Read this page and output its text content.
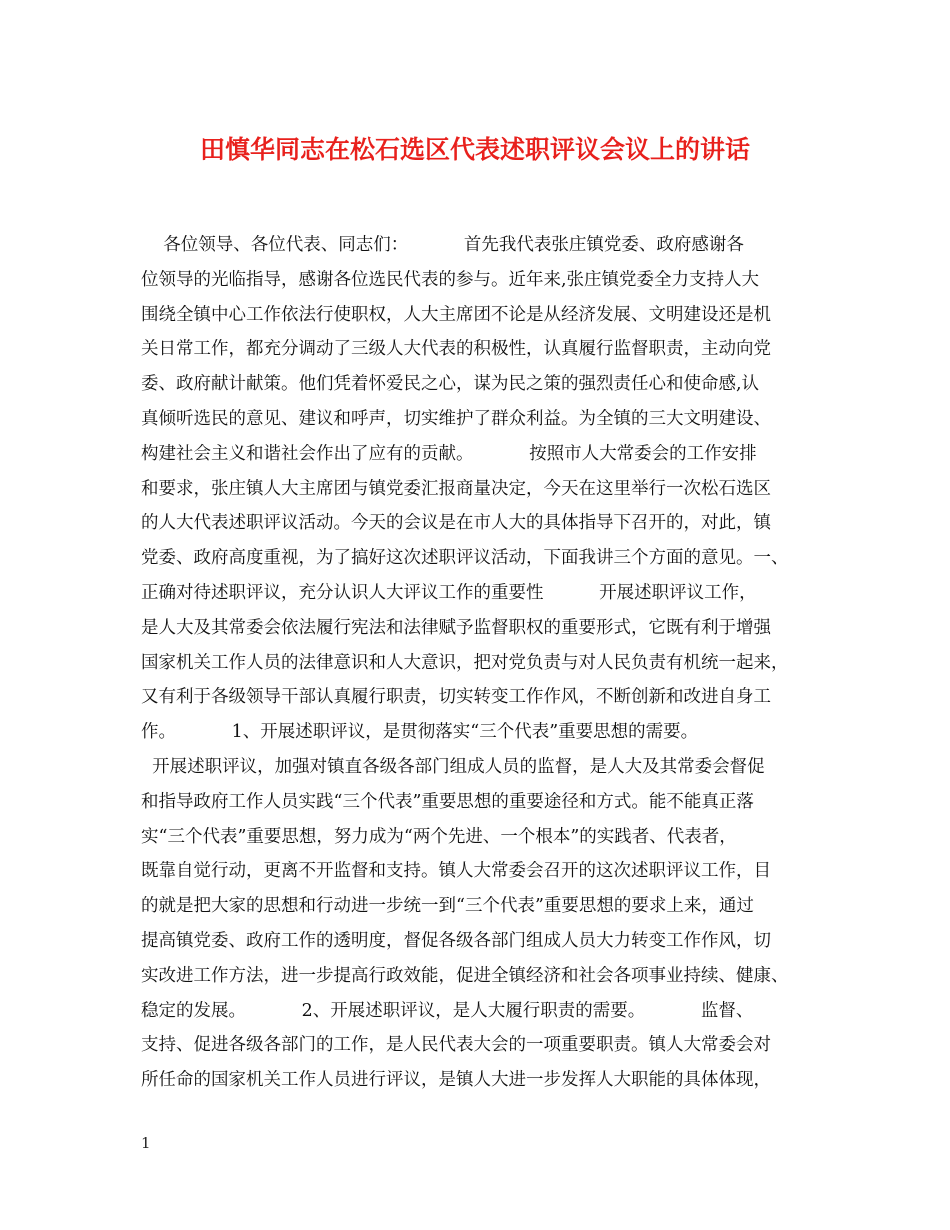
田慎华同志在松石选区代表述职评议会议上的讲话
各位领导、各位代表、同志们：          首先我代表张庄镇党委、政府感谢各
位领导的光临指导，感谢各位选民代表的参与。近年来,张庄镇党委全力支持人大
围绕全镇中心工作依法行使职权，人大主席团不论是从经济发展、文明建设还是机
关日常工作，都充分调动了三级人大代表的积极性，认真履行监督职责，主动向党
委、政府献计献策。他们凭着怀爱民之心，谋为民之策的强烈责任心和使命感,认
真倾听选民的意见、建议和呼声，切实维护了群众利益。为全镇的三大文明建设、
构建社会主义和谐社会作出了应有的贡献。          按照市人大常委会的工作安排
和要求，张庄镇人大主席团与镇党委汇报商量决定，今天在这里举行一次松石选区
的人大代表述职评议活动。今天的会议是在市人大的具体指导下召开的，对此，镇
党委、政府高度重视，为了搞好这次述职评议活动，下面我讲三个方面的意见。一、
正确对待述职评议，充分认识人大评议工作的重要性          开展述职评议工作，
是人大及其常委会依法履行宪法和法律赋予监督职权的重要形式，它既有利于增强
国家机关工作人员的法律意识和人大意识，把对党负责与对人民负责有机统一起来，
又有利于各级领导干部认真履行职责，切实转变工作作风，不断创新和改进自身工
作。          1、开展述职评议，是贯彻落实“三个代表”重要思想的需要。
开展述职评议，加强对镇直各级各部门组成人员的监督，是人大及其常委会督促
和指导政府工作人员实践“三个代表”重要思想的重要途径和方式。能不能真正落
实“三个代表”重要思想，努力成为“两个先进、一个根本”的实践者、代表者，
既靠自觉行动，更离不开监督和支持。镇人大常委会召开的这次述职评议工作，目
的就是把大家的思想和行动进一步统一到“三个代表”重要思想的要求上来，通过
提高镇党委、政府工作的透明度，督促各级各部门组成人员大力转变工作作风，切
实改进工作方法，进一步提高行政效能，促进全镇经济和社会各项事业持续、健康、
稳定的发展。          2、开展述职评议，是人大履行职责的需要。          监督、
支持、促进各级各部门的工作，是人民代表大会的一项重要职责。镇人大常委会对
所任命的国家机关工作人员进行评议，是镇人大进一步发挥人大职能的具体体现，
1
